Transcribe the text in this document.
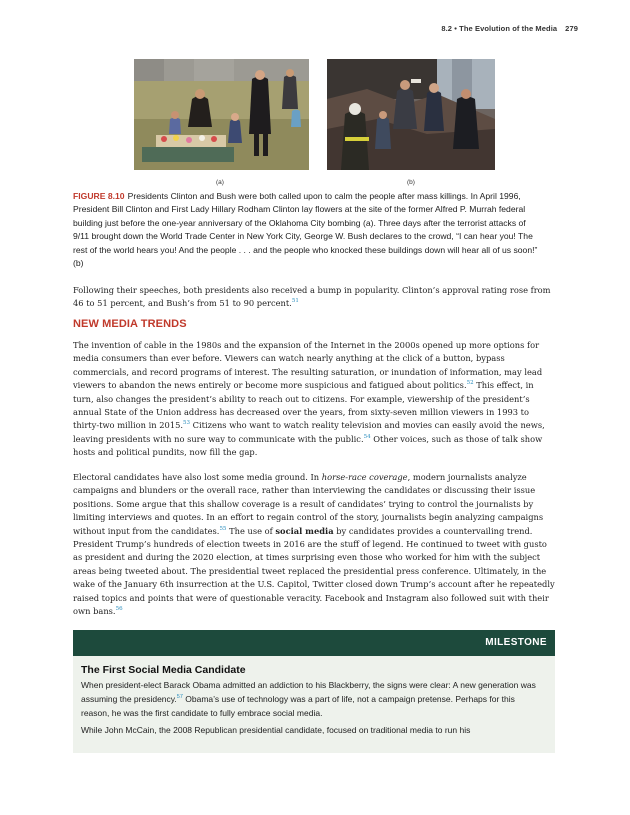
8.2 • The Evolution of the Media 279
(a)	(b)

FIGURE 8.10 Presidents Clinton and Bush were both called upon to calm the people after mass killings. In April 1996, President Bill Clinton and First Lady Hillary Rodham Clinton lay flowers at the site of the former Alfred P. Murrah federal building just before the one-year anniversary of the Oklahoma City bombing (a). Three days after the terrorist attacks of 9/11 brought down the World Trade Center in New York City, George W. Bush declares to the crowd, “I can hear you! The rest of the world hears you! And the people . . . and the people who knocked these buildings down will hear all of us soon!” (b)

Following their speeches, both presidents also received a bump in popularity. Clinton’s approval rating rose from 46 to 51 percent, and Bush’s from 51 to 90 percent.$^{51}$

NEW MEDIA TRENDS

The invention of cable in the 1980s and the expansion of the Internet in the 2000s opened up more options for media consumers than ever before. Viewers can watch nearly anything at the click of a button, bypass commercials, and record programs of interest. The resulting saturation, or inundation of information, may lead viewers to abandon the news entirely or become more suspicious and fatigued about politics.$^{52}$ This effect, in turn, also changes the president’s ability to reach out to citizens. For example, viewership of the president’s annual State of the Union address has decreased over the years, from sixty-seven million viewers in 1993 to thirty-two million in 2015.53 Citizens who want to watch reality television and movies can easily avoid the news, leaving presidents with no sure way to communicate with the public.$^{54}$ Other voices, such as those of talk show hosts and political pundits, now fill the gap.

Electoral candidates have also lost some media ground. In horse-race coverage, modern journalists analyze campaigns and blunders or the overall race, rather than interviewing the candidates or discussing their issue positions. Some argue that this shallow coverage is a result of candidates’ trying to control the journalists by limiting interviews and quotes. In an effort to regain control of the story, journalists begin analyzing campaigns without input from the candidates.$^{55}$ The use of social media by candidates provides a countervailing trend. President Trump’s hundreds of election tweets in 2016 are the stuff of legend. He continued to tweet with gusto as president and during the 2020 election, at times surprising even those who worked for him with the subject areas being tweeted about. The presidential tweet replaced the presidential press conference. Ultimately, in the wake of the January 6th insurrection at the U.S. Capitol, Twitter closed down Trump’s account after he repeatedly raised topics and points that were of questionable veracity. Facebook and Instagram also followed suit with their own bans.$^{56}$

MILESTONE
The First Social Media Candidate

When president-elect Barack Obama admitted an addiction to his Blackberry, the signs were clear: A new generation was assuming the presidency.$^{57}$ Obama’s use of technology was a part of life, not a campaign pretense. Perhaps for this reason, he was the first candidate to fully embrace social media.

While John McCain, the 2008 Republican presidential candidate, focused on traditional media to run his
